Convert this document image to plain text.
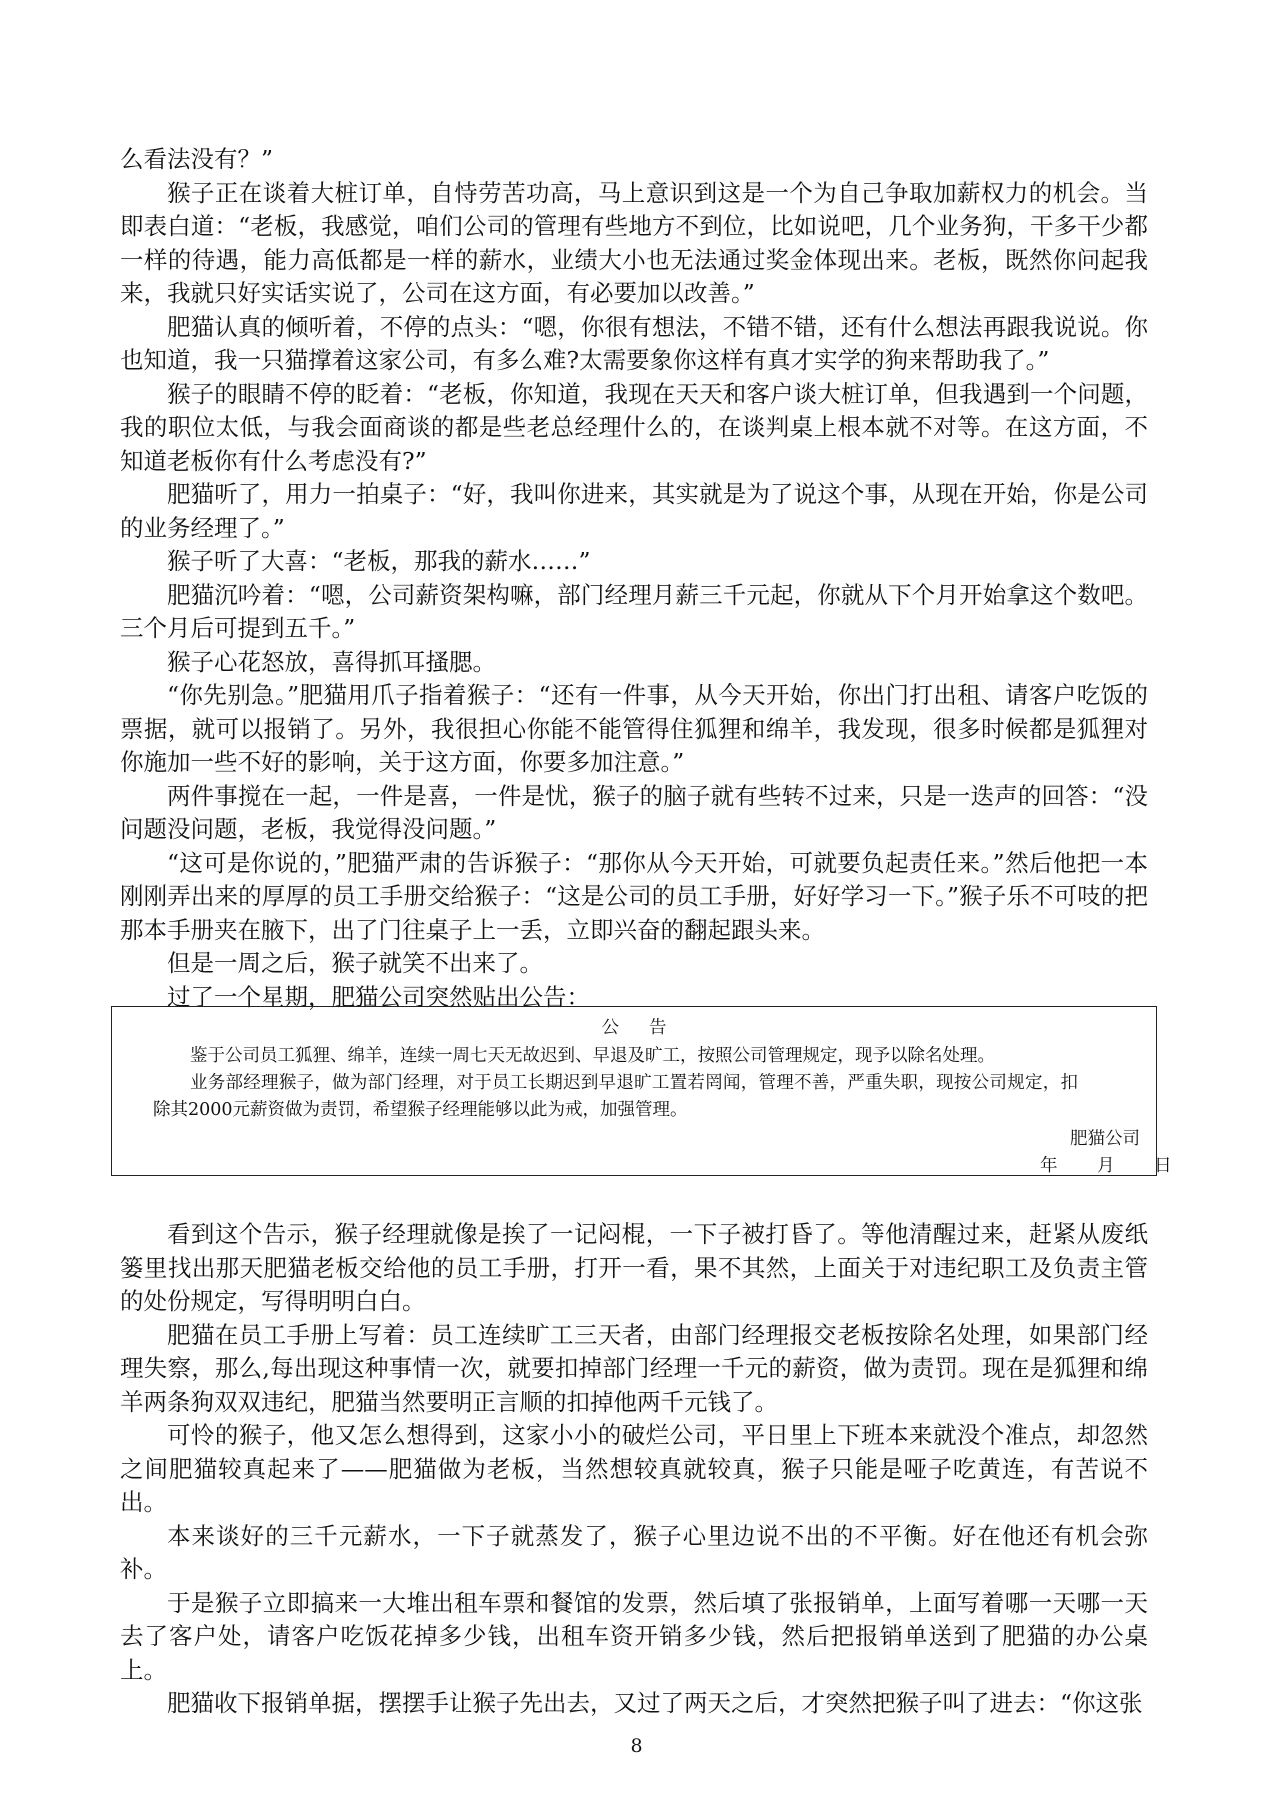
么看法没有？”

猴子正在谈着大桩订单，自恃劳苦功高，马上意识到这是一个为自己争取加薪权力的机会。当即表白道：“老板，我感觉，咱们公司的管理有些地方不到位，比如说吧，几个业务狗，干多干少都一样的待遇，能力高低都是一样的薪水，业绩大小也无法通过奖金体现出来。老板，既然你问起我来，我就只好实话实说了，公司在这方面，有必要加以改善。”

肥猫认真的倾听着，不停的点头：“嗯，你很有想法，不错不错，还有什么想法再跟我说说。你也知道，我一只猫撑着这家公司，有多么难?太需要象你这样有真才实学的狗来帮助我了。”

猴子的眼睛不停的眨着：“老板，你知道，我现在天天和客户谈大桩订单，但我遇到一个问题，我的职位太低，与我会面商谈的都是些老总经理什么的，在谈判桌上根本就不对等。在这方面，不知道老板你有什么考虑没有?”

肥猫听了，用力一拍桌子：“好，我叫你进来，其实就是为了说这个事，从现在开始，你是公司的业务经理了。”

猴子听了大喜：“老板，那我的薪水……”

肥猫沉吟着：“嗯，公司薪资架构嘛，部门经理月薪三千元起，你就从下个月开始拿这个数吧。三个月后可提到五千。”

猴子心花怒放，喜得抓耳搔腮。

“你先别急。”肥猫用爪子指着猴子：“还有一件事，从今天开始，你出门打出租、请客户吃饭的票据，就可以报销了。另外，我很担心你能不能管得住狐狸和绵羊，我发现，很多时候都是狐狸对你施加一些不好的影响，关于这方面，你要多加注意。”

两件事搅在一起，一件是喜，一件是忧，猴子的脑子就有些转不过来，只是一迭声的回答：“没问题没问题，老板，我觉得没问题。”

“这可是你说的，”肥猫严肃的告诉猴子：“那你从今天开始，可就要负起责任来。”然后他把一本刚刚弄出来的厚厚的员工手册交给猴子：“这是公司的员工手册，好好学习一下。”猴子乐不可吱的把那本手册夹在腋下，出了门往桌子上一丢，立即兴奋的翻起跟头来。

但是一周之后，猴子就笑不出来了。

过了一个星期，肥猫公司突然贴出公告：

公告

鉴于公司员工狐狸、绵羊，连续一周七天无故迟到、早退及旷工，按照公司管理规定，现予以除名处理。

业务部经理猴子，做为部门经理，对于员工长期迟到早退旷工置若罔闻，管理不善，严重失职，现按公司规定，扣除其2000元薪资做为责罚，希望猴子经理能够以此为戒，加强管理。

肥猫公司
年 月 日

看到这个告示，猴子经理就像是挨了一记闷棍，一下子被打昏了。等他清醒过来，赶紧从废纸篓里找出那天肥猫老板交给他的员工手册，打开一看，果不其然，上面关于对违纪职工及负责主管的处份规定，写得明明白白。

肥猫在员工手册上写着：员工连续旷工三天者，由部门经理报交老板按除名处理，如果部门经理失察，那么,每出现这种事情一次，就要扣掉部门经理一千元的薪资，做为责罚。现在是狐狸和绵羊两条狗双双违纪，肥猫当然要明正言顺的扣掉他两千元钱了。

可怜的猴子，他又怎么想得到，这家小小的破烂公司，平日里上下班本来就没个准点，却忽然之间肥猫较真起来了——肥猫做为老板，当然想较真就较真，猴子只能是哑子吃黄连，有苦说不出。

本来谈好的三千元薪水，一下子就蒸发了，猴子心里边说不出的不平衡。好在他还有机会弥补。

于是猴子立即搞来一大堆出租车票和餐馆的发票，然后填了张报销单，上面写着哪一天哪一天去了客户处，请客户吃饭花掉多少钱，出租车资开销多少钱，然后把报销单送到了肥猫的办公桌上。

肥猫收下报销单据，摆摆手让猴子先出去，又过了两天之后，才突然把猴子叫了进去：“你这张

8
